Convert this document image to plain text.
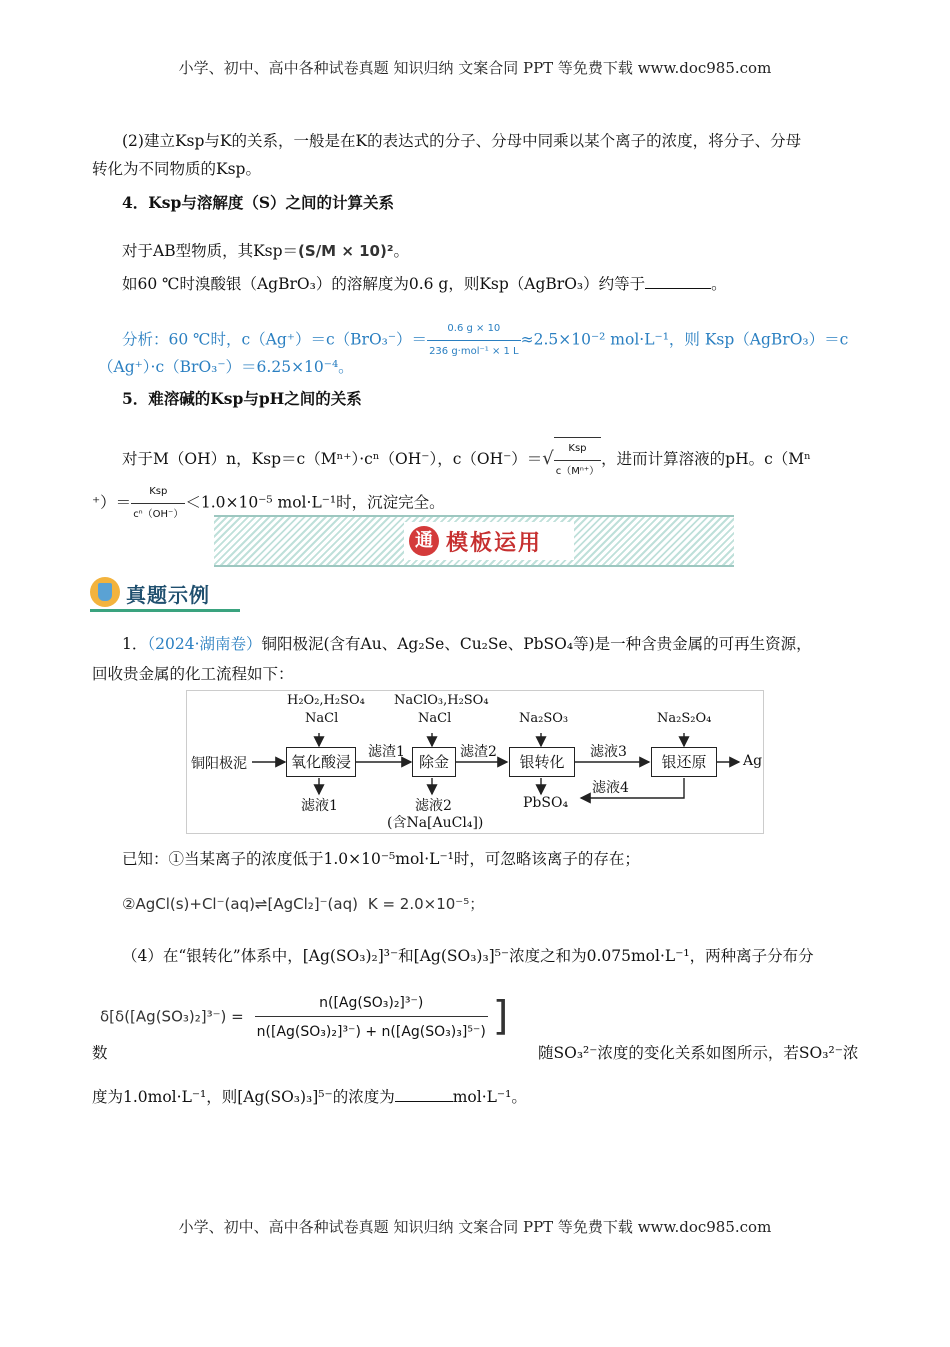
小学、初中、高中各种试卷真题 知识归纳 文案合同 PPT 等免费下载 www.doc985.com
(2)建立Ksp与K的关系，一般是在K的表达式的分子、分母中同乘以某个离子的浓度，将分子、分母
转化为不同物质的Ksp。
4．Ksp与溶解度（S）之间的计算关系
对于AB型物质，其Ksp＝(S/M × 10)²。
如60 ℃时溴酸银（AgBrO₃）的溶解度为0.6 g，则Ksp（AgBrO₃）约等于	。
分析：60 ℃时，$c(Ag^+)=c(BrO_3^-)= \frac{0.6 g \times 10}{\text{236 g·mol⁻¹ × 1 L}} \approx 2.5\times 10^{-2}$ mol·L⁻¹，则 Ksp（AgBrO₃）＝c
（Ag⁺）·c（BrO₃⁻）＝6.25×10⁻⁴。
5．难溶碱的Ksp与pH之间的关系
对于M（OH）n，Ksp＝c（Mⁿ⁺）·cⁿ（OH⁻），$c(OH^-)=√ \frac{\text{Ksp}}{\text{c（Mⁿ⁺）}}$ ，进而计算溶液的pH。c（Mⁿ
⁺）＝ $\frac{\text{Ksp}}{\text{cⁿ（OH⁻）}} <1.0\times 10^{-5}$ mol·L⁻¹时，沉淀完全。
通 模板运用
真题示例
1．（2024·湖南卷）铜阳极泥(含有Au、Ag₂Se、Cu₂Se、PbSO₄等)是一种含贵金属的可再生资源，
回收贵金属的化工流程如下：
铜阳极泥	氧化酸浸	除金	银转化	银还原	Ag
H₂O₂,H₂SO₄
NaCl
NaClO₃,H₂SO₄
NaCl	Na₂SO₃	Na₂S₂O₄
滤渣1	滤渣2	滤液3
滤液4
滤液1	滤液2
(含Na[AuCl₄])
PbSO₄
已知：①当某离子的浓度低于1.0×10⁻⁵mol·L⁻¹时，可忽略该离子的存在；
②AgCl(s)+Cl⁻(aq)⇌[AgCl₂]⁻(aq) K = 2.0×10⁻⁵；
（4）在“银转化”体系中，[Ag(SO₃)₂]³⁻和[Ag(SO₃)₃]⁵⁻浓度之和为0.075mol·L⁻¹，两种离子分布分
$\delta[\delta([Ag(SO_3)_2]^{3-}) = \frac{\text{n([Ag(SO₃)₂]³⁻)}}{\text{n([Ag(SO₃)₂]³⁻) + n([Ag(SO₃)₃]⁵⁻)}}$ ]
数	随SO₃²⁻浓度的变化关系如图所示，若SO₃²⁻浓
度为1.0mol·L⁻¹，则[Ag(SO₃)₃]⁵⁻的浓度为	mol·L⁻¹。
小学、初中、高中各种试卷真题 知识归纳 文案合同 PPT 等免费下载 www.doc985.com
